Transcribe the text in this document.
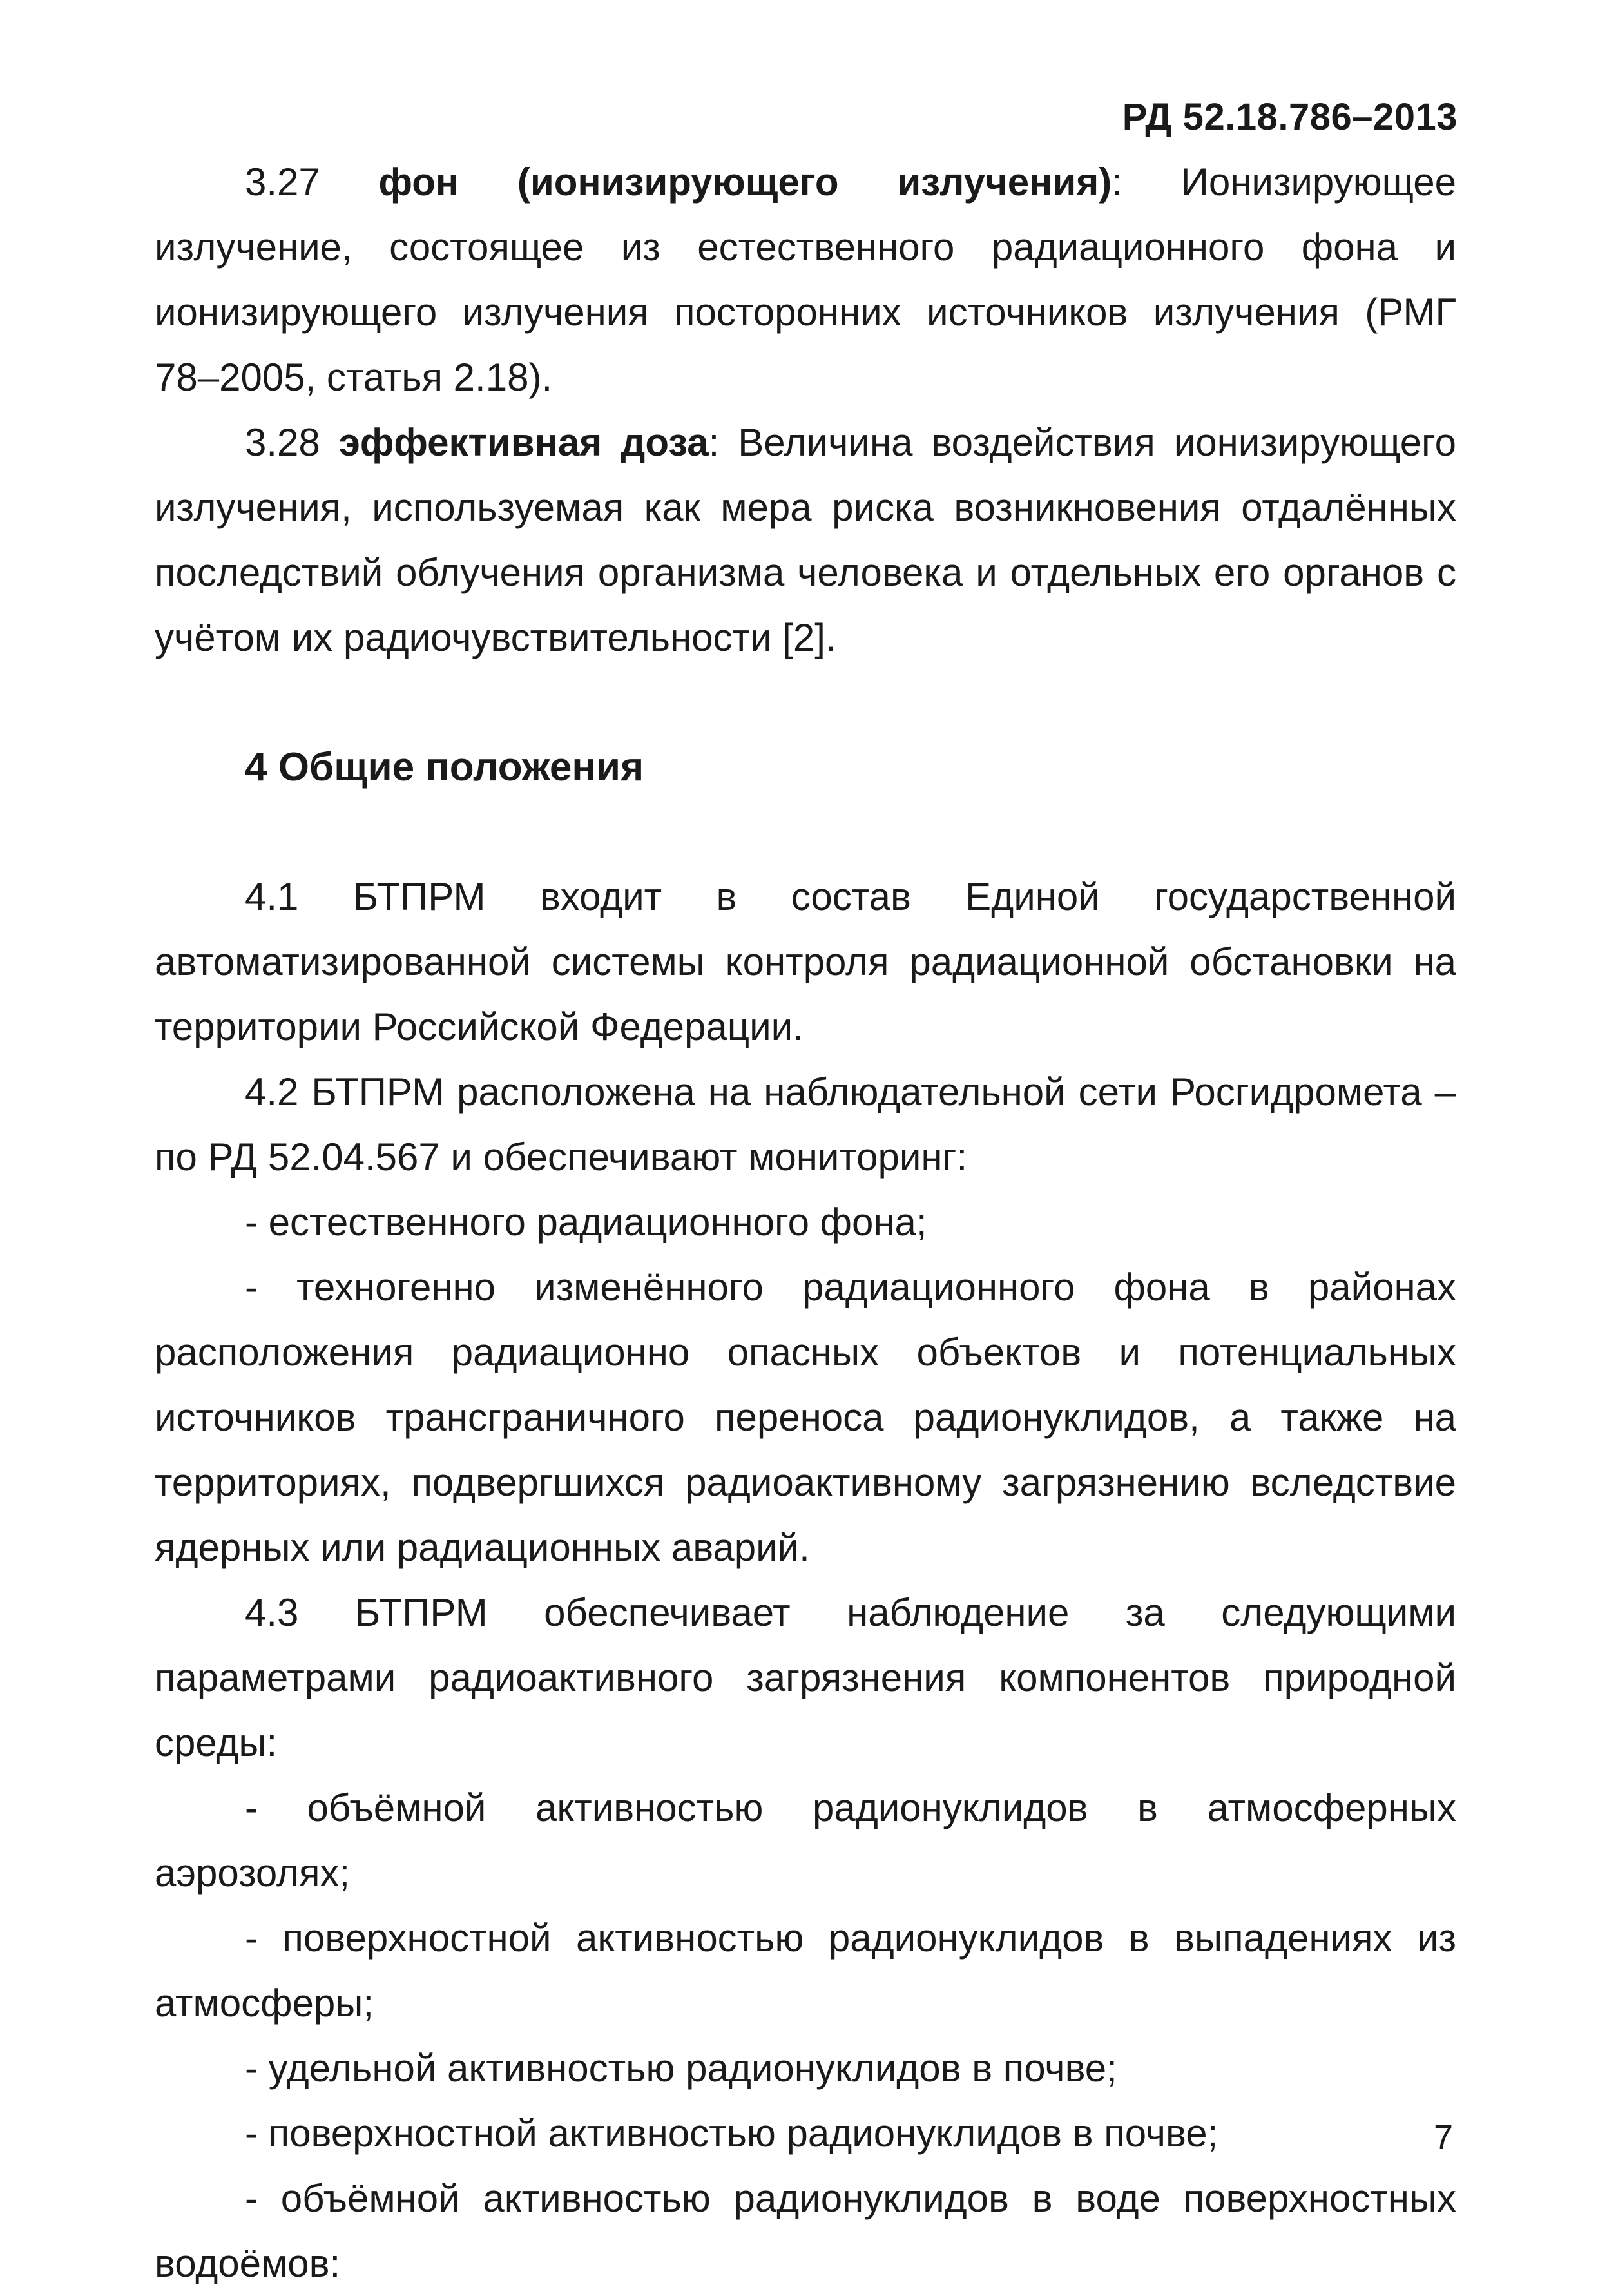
РД 52.18.786–2013

3.27 фон (ионизирующего излучения): Ионизирующее излучение, состоящее из естественного радиационного фона и ионизирующего излучения посторонних источников излучения (РМГ 78–2005, статья 2.18).

3.28 эффективная доза: Величина воздействия ионизирующего излучения, используемая как мера риска возникновения отдалённых последствий облучения организма человека и отдельных его органов с учётом их радиочувствительности [2].

4 Общие положения

4.1 БТПРМ входит в состав Единой государственной автоматизированной системы контроля радиационной обстановки на территории Российской Федерации.

4.2 БТПРМ расположена на наблюдательной сети Росгидромета – по РД 52.04.567 и обеспечивают мониторинг:

- естественного радиационного фона;

- техногенно изменённого радиационного фона в районах расположения радиационно опасных объектов и потенциальных источников трансграничного переноса радионуклидов, а также на территориях, подвергшихся радиоактивному загрязнению вследствие ядерных или радиационных аварий.

4.3 БТПРМ обеспечивает наблюдение за следующими параметрами радиоактивного загрязнения компонентов природной среды:

- объёмной активностью радионуклидов в атмосферных аэрозолях;

- поверхностной активностью радионуклидов в выпадениях из атмосферы;

- удельной активностью радионуклидов в почве;

- поверхностной активностью радионуклидов в почве;

- объёмной активностью радионуклидов в воде поверхностных водоёмов:

7
